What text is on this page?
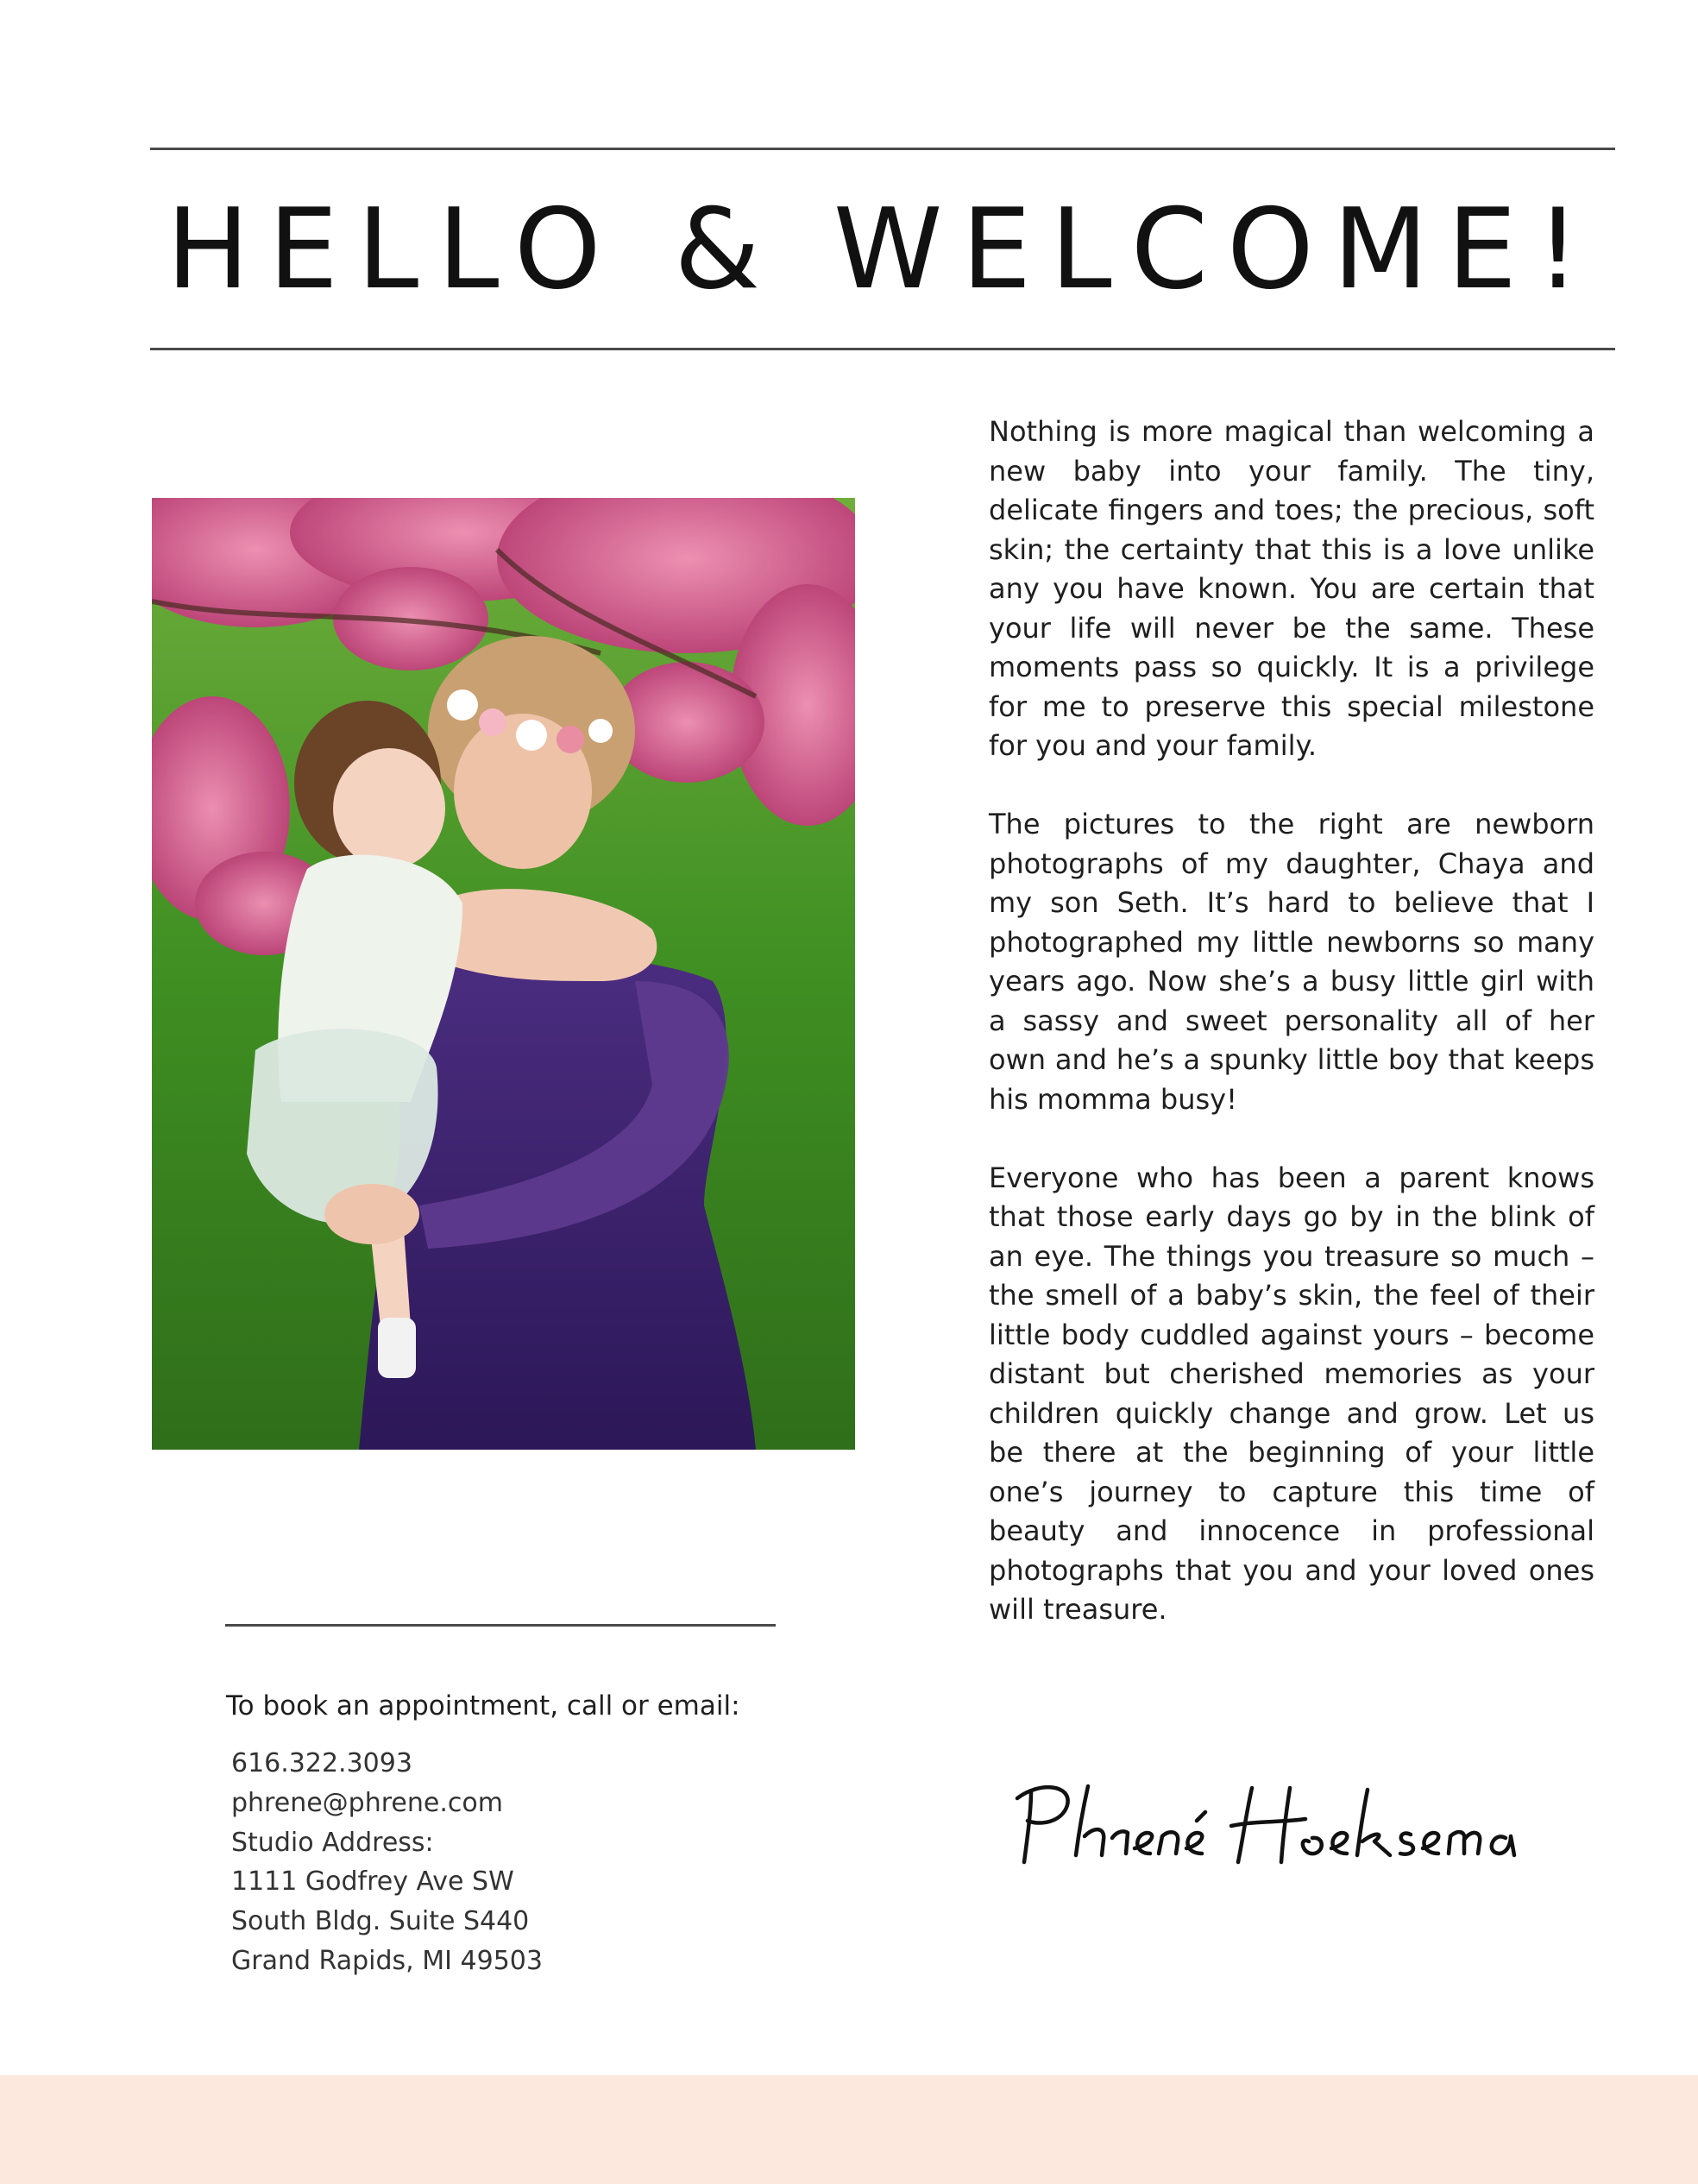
HELLO & WELCOME!

Nothing is more magical than welcoming a new baby into your family. The tiny, delicate fingers and toes; the precious, soft skin; the certainty that this is a love unlike any you have known. You are certain that your life will never be the same. These moments pass so quickly. It is a privilege for me to preserve this special milestone for you and your family.

The pictures to the right are newborn photographs of my daughter, Chaya and my son Seth. It’s hard to believe that I photographed my little newborns so many years ago. Now she’s a busy little girl with a sassy and sweet personality all of her own and he’s a spunky little boy that keeps his momma busy!

Everyone who has been a parent knows that those early days go by in the blink of an eye. The things you treasure so much – the smell of a baby’s skin, the feel of their little body cuddled against yours – become distant but cherished memories as your children quickly change and grow. Let us be there at the beginning of your little one’s journey to capture this time of beauty and innocence in professional photographs that you and your loved ones will treasure.

To book an appointment, call or email:
616.322.3093
phrene@phrene.com
Studio Address:
1111 Godfrey Ave SW
South Bldg. Suite S440
Grand Rapids, MI 49503
